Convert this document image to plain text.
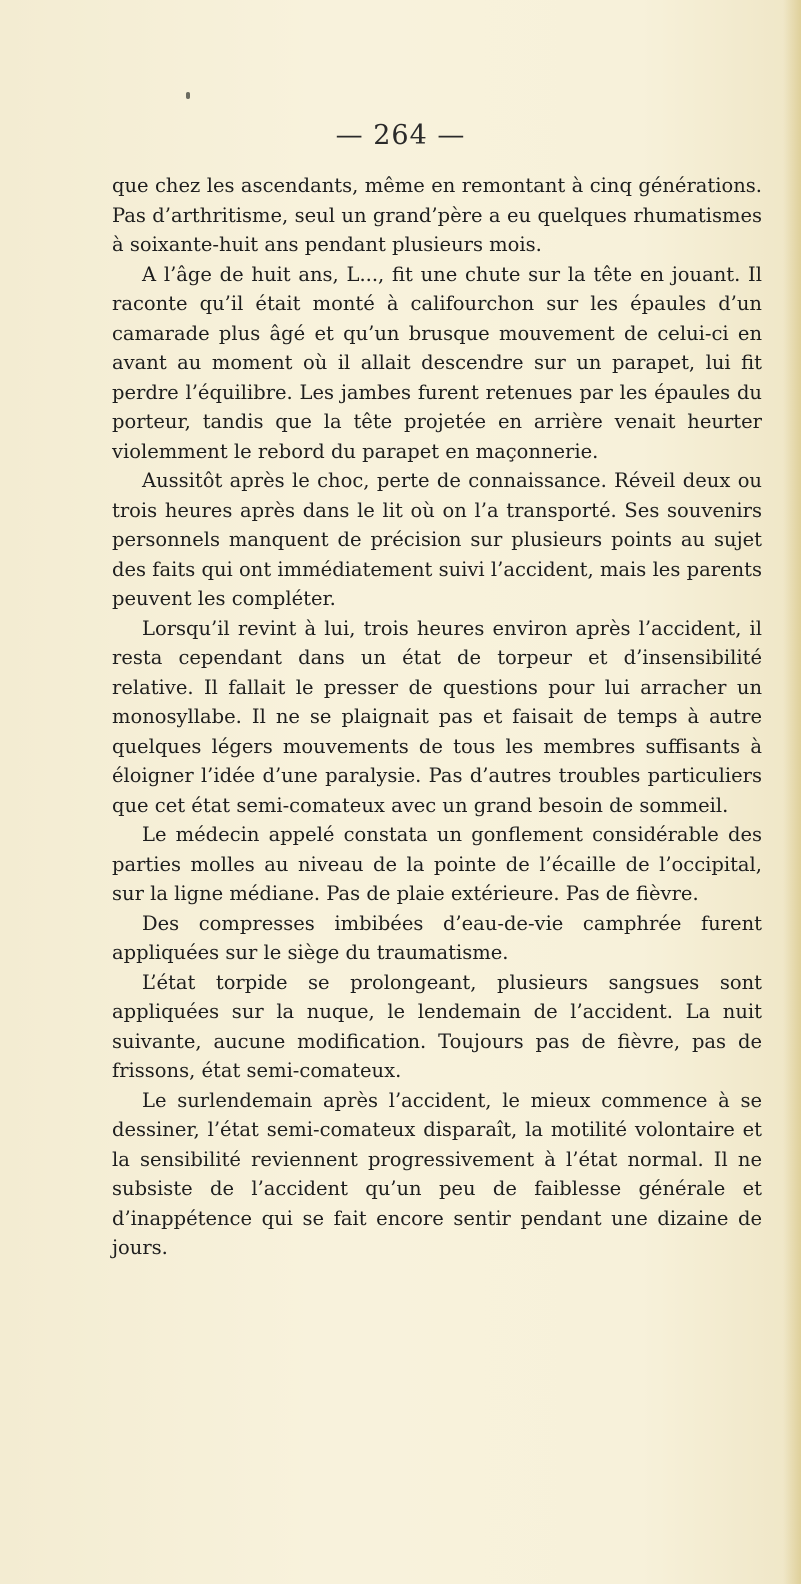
— 264 —

que chez les ascendants, même en remontant à cinq générations. Pas d’arthritisme, seul un grand’père a eu quelques rhumatismes à soixante-huit ans pendant plusieurs mois.

A l’âge de huit ans, L..., fit une chute sur la tête en jouant. Il raconte qu’il était monté à califourchon sur les épaules d’un camarade plus âgé et qu’un brusque mouvement de celui-ci en avant au moment où il allait descendre sur un parapet, lui fit perdre l’équilibre. Les jambes furent retenues par les épaules du porteur, tandis que la tête projetée en arrière venait heurter violemment le rebord du parapet en maçonnerie.

Aussitôt après le choc, perte de connaissance. Réveil deux ou trois heures après dans le lit où on l’a transporté. Ses souvenirs personnels manquent de précision sur plusieurs points au sujet des faits qui ont immédiatement suivi l’accident, mais les parents peuvent les compléter.

Lorsqu’il revint à lui, trois heures environ après l’accident, il resta cependant dans un état de torpeur et d’insensibilité relative. Il fallait le presser de questions pour lui arracher un monosyllabe. Il ne se plaignait pas et faisait de temps à autre quelques légers mouvements de tous les membres suffisants à éloigner l’idée d’une paralysie. Pas d’autres troubles particuliers que cet état semi-comateux avec un grand besoin de sommeil.

Le médecin appelé constata un gonflement considérable des parties molles au niveau de la pointe de l’écaille de l’occipital, sur la ligne médiane. Pas de plaie extérieure. Pas de fièvre.

Des compresses imbibées d’eau-de-vie camphrée furent appliquées sur le siège du traumatisme.

L’état torpide se prolongeant, plusieurs sangsues sont appliquées sur la nuque, le lendemain de l’accident. La nuit suivante, aucune modification. Toujours pas de fièvre, pas de frissons, état semi-comateux.

Le surlendemain après l’accident, le mieux commence à se dessiner, l’état semi-comateux disparaît, la motilité volontaire et la sensibilité reviennent progressivement à l’état normal. Il ne subsiste de l’accident qu’un peu de faiblesse générale et d’inappétence qui se fait encore sentir pendant une dizaine de jours.
